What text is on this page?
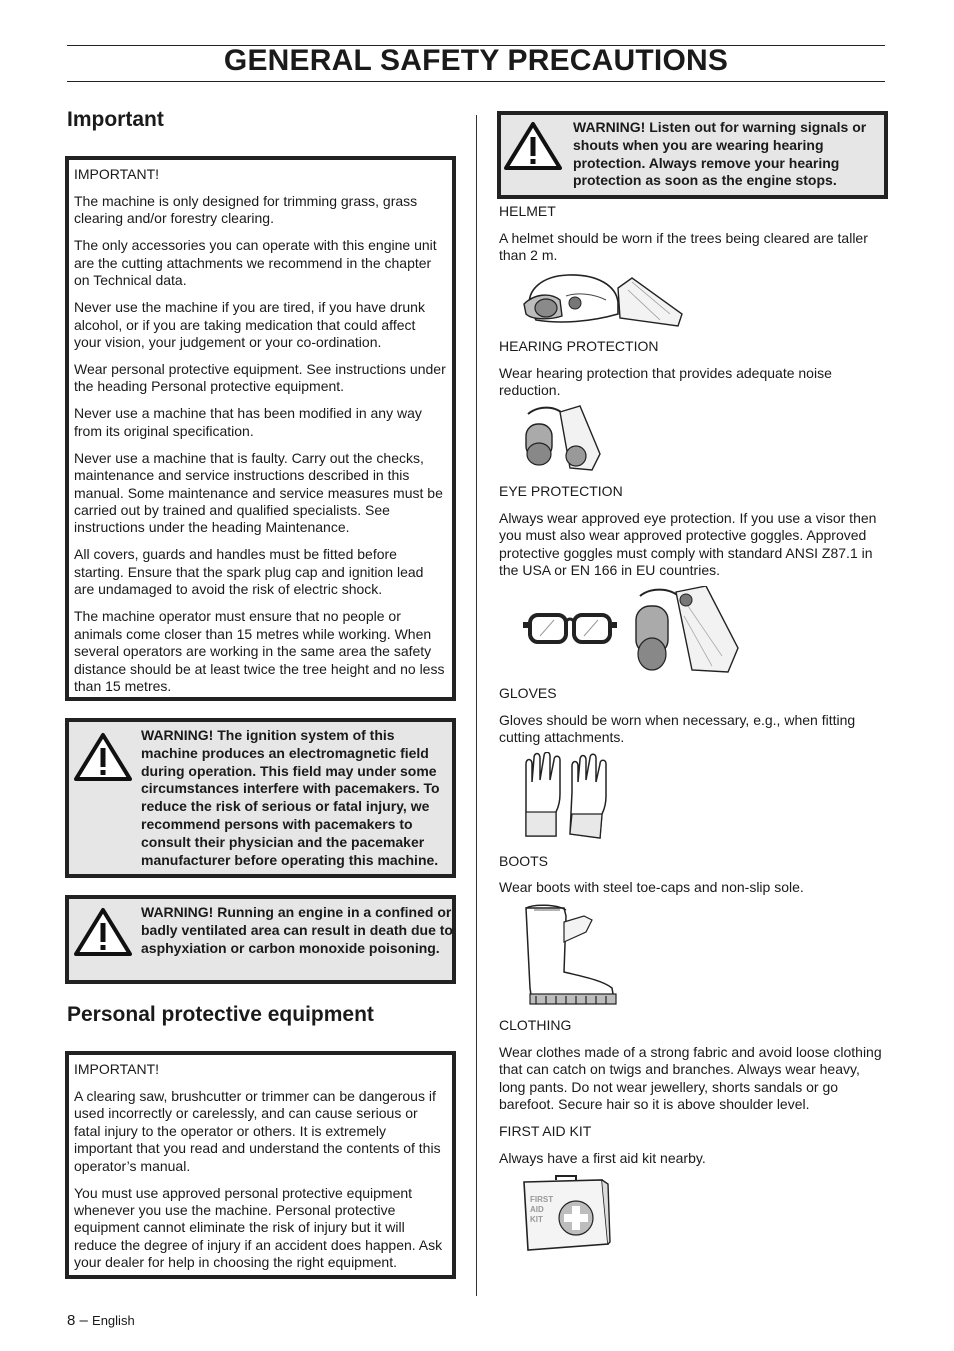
GENERAL SAFETY PRECAUTIONS
Important

IMPORTANT!

The machine is only designed for trimming grass, grass clearing and/or forestry clearing.

The only accessories you can operate with this engine unit are the cutting attachments we recommend in the chapter on Technical data.

Never use the machine if you are tired, if you have drunk alcohol, or if you are taking medication that could affect your vision, your judgement or your co-ordination.

Wear personal protective equipment. See instructions under the heading Personal protective equipment.

Never use a machine that has been modified in any way from its original specification.

Never use a machine that is faulty. Carry out the checks, maintenance and service instructions described in this manual. Some maintenance and service measures must be carried out by trained and qualified specialists. See instructions under the heading Maintenance.

All covers, guards and handles must be fitted before starting. Ensure that the spark plug cap and ignition lead are undamaged to avoid the risk of electric shock.

The machine operator must ensure that no people or animals come closer than 15 metres while working. When several operators are working in the same area the safety distance should be at least twice the tree height and no less than 15 metres.

WARNING! The ignition system of this machine produces an electromagnetic field during operation. This field may under some circumstances interfere with pacemakers. To reduce the risk of serious or fatal injury, we recommend persons with pacemakers to consult their physician and the pacemaker manufacturer before operating this machine.
WARNING! Running an engine in a confined or badly ventilated area can result in death due to asphyxiation or carbon monoxide poisoning.
Personal protective equipment

IMPORTANT!

A clearing saw, brushcutter or trimmer can be dangerous if used incorrectly or carelessly, and can cause serious or fatal injury to the operator or others. It is extremely important that you read and understand the contents of this operator’s manual.

You must use approved personal protective equipment whenever you use the machine. Personal protective equipment cannot eliminate the risk of injury but it will reduce the degree of injury if an accident does happen. Ask your dealer for help in choosing the right equipment.

WARNING! Listen out for warning signals or shouts when you are wearing hearing protection. Always remove your hearing protection as soon as the engine stops.
HELMET
A helmet should be worn if the trees being cleared are taller than 2 m.
HEARING PROTECTION
Wear hearing protection that provides adequate noise reduction.
EYE PROTECTION
Always wear approved eye protection. If you use a visor then you must also wear approved protective goggles. Approved protective goggles must comply with standard ANSI Z87.1 in the USA or EN 166 in EU countries.
GLOVES
Gloves should be worn when necessary, e.g., when fitting cutting attachments.
BOOTS
Wear boots with steel toe-caps and non-slip sole.
CLOTHING
Wear clothes made of a strong fabric and avoid loose clothing that can catch on twigs and branches. Always wear heavy, long pants. Do not wear jewellery, shorts sandals or go barefoot. Secure hair so it is above shoulder level.
FIRST AID KIT
Always have a first aid kit nearby.
FIRST
AID
KIT
8 – English
